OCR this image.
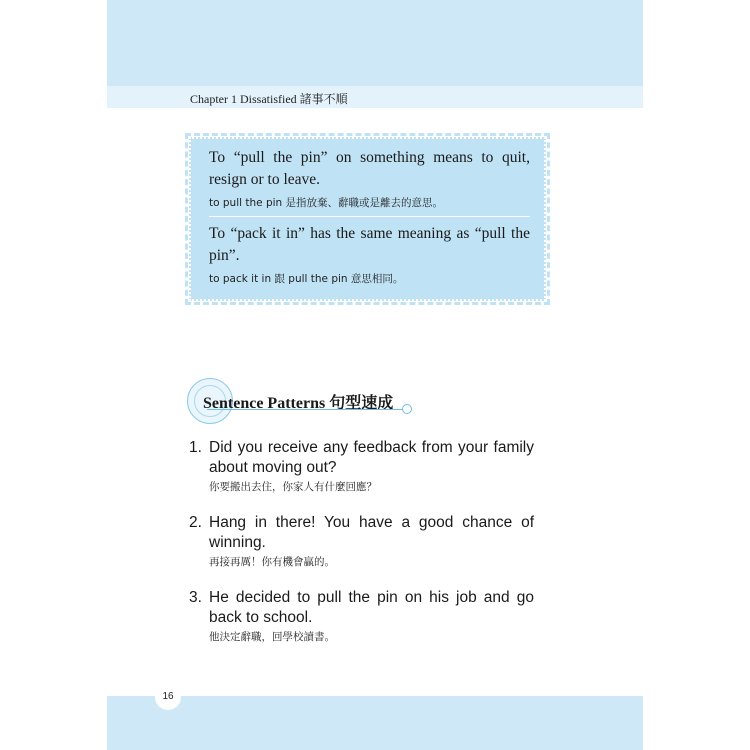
Chapter 1 Dissatisfied 諸事不順
To “pull the pin” on something means to quit, resign or to leave.
to pull the pin 是指放棄、辭職或是離去的意思。
To “pack it in” has the same meaning as “pull the pin”.
to pack it in 跟 pull the pin 意思相同。
Sentence Patterns 句型速成
1. Did you receive any feedback from your family about moving out?
你要搬出去住，你家人有什麼回應？
2. Hang in there! You have a good chance of winning.
再接再厲！你有機會贏的。
3. He decided to pull the pin on his job and go back to school.
他決定辭職，回學校讀書。
16
